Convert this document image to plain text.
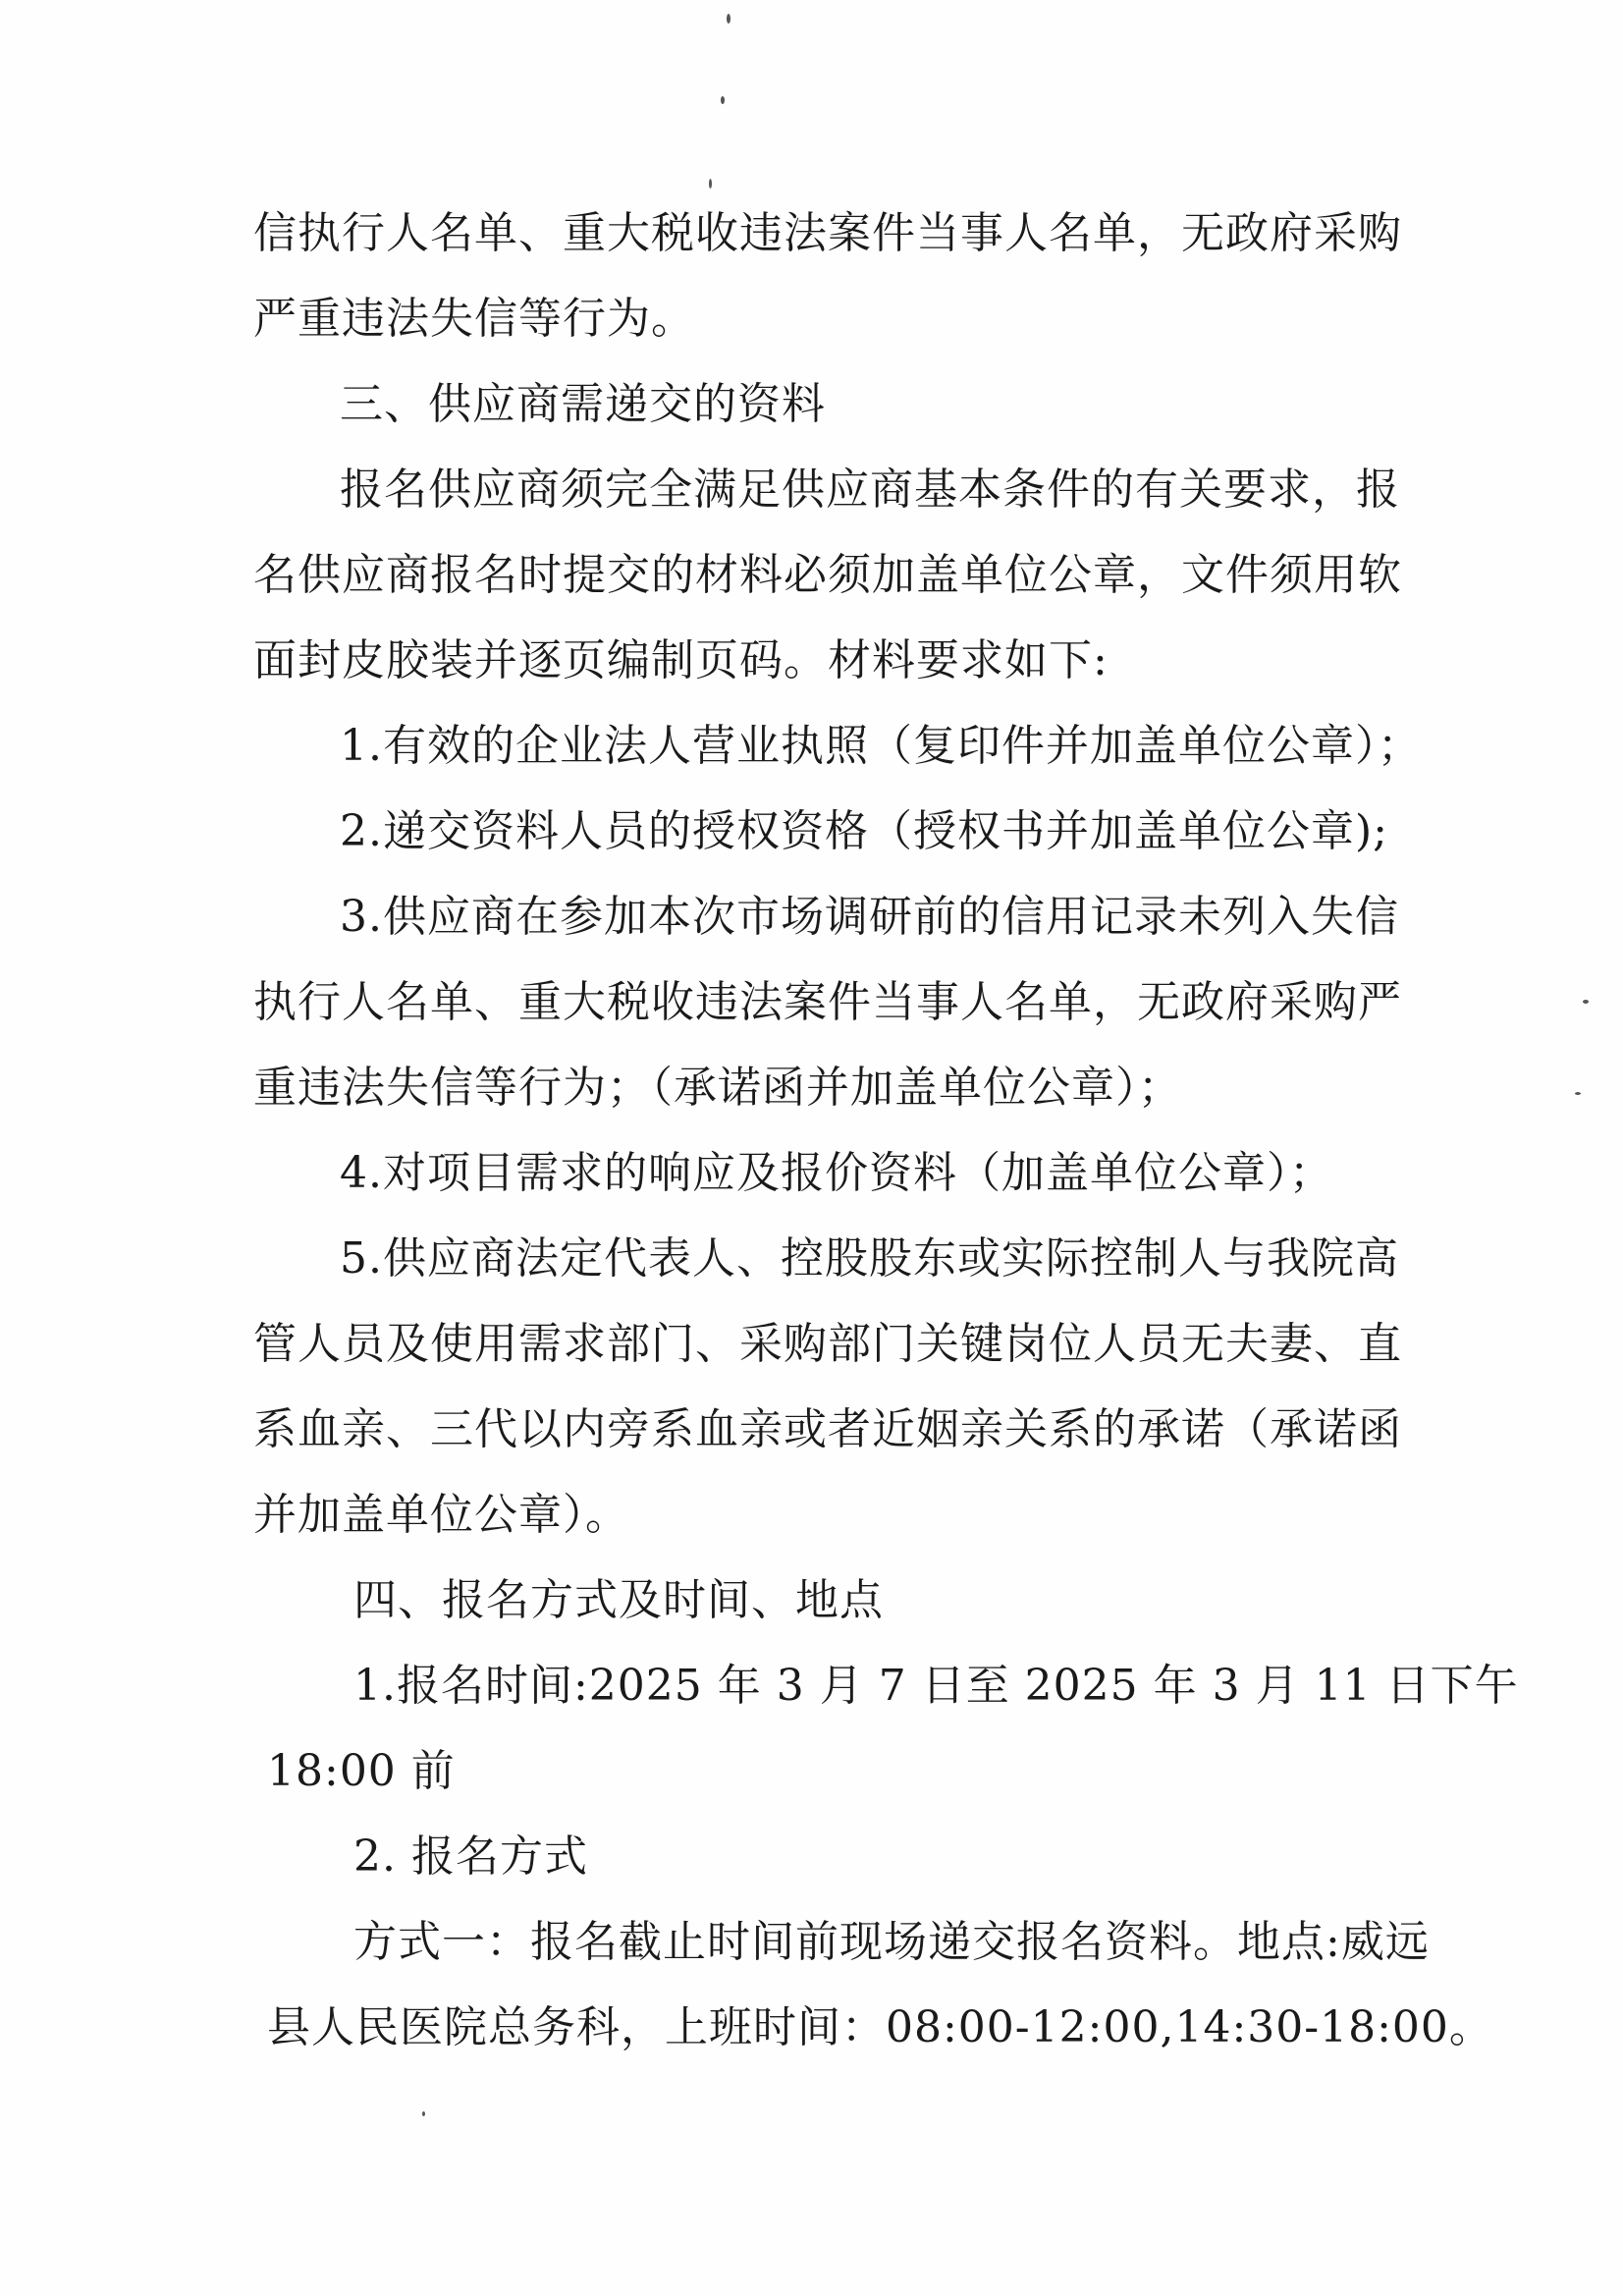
信执行人名单、重大税收违法案件当事人名单，无政府采购
严重违法失信等行为。
三、供应商需递交的资料
报名供应商须完全满足供应商基本条件的有关要求，报
名供应商报名时提交的材料必须加盖单位公章，文件须用软
面封皮胶装并逐页编制页码。材料要求如下:
1.有效的企业法人营业执照（复印件并加盖单位公章）；
2.递交资料人员的授权资格（授权书并加盖单位公章);
3.供应商在参加本次市场调研前的信用记录未列入失信
执行人名单、重大税收违法案件当事人名单，无政府采购严
重违法失信等行为；（承诺函并加盖单位公章）；
4.对项目需求的响应及报价资料（加盖单位公章）；
5.供应商法定代表人、控股股东或实际控制人与我院高
管人员及使用需求部门、采购部门关键岗位人员无夫妻、直
系血亲、三代以内旁系血亲或者近姻亲关系的承诺（承诺函
并加盖单位公章）。
四、报名方式及时间、地点
1.报名时间:2025 年 3 月 7 日至 2025 年 3 月 11 日下午
18:00 前
2. 报名方式
方式一：报名截止时间前现场递交报名资料。地点:威远
县人民医院总务科，上班时间：08:00-12:00,14:30-18:00。
